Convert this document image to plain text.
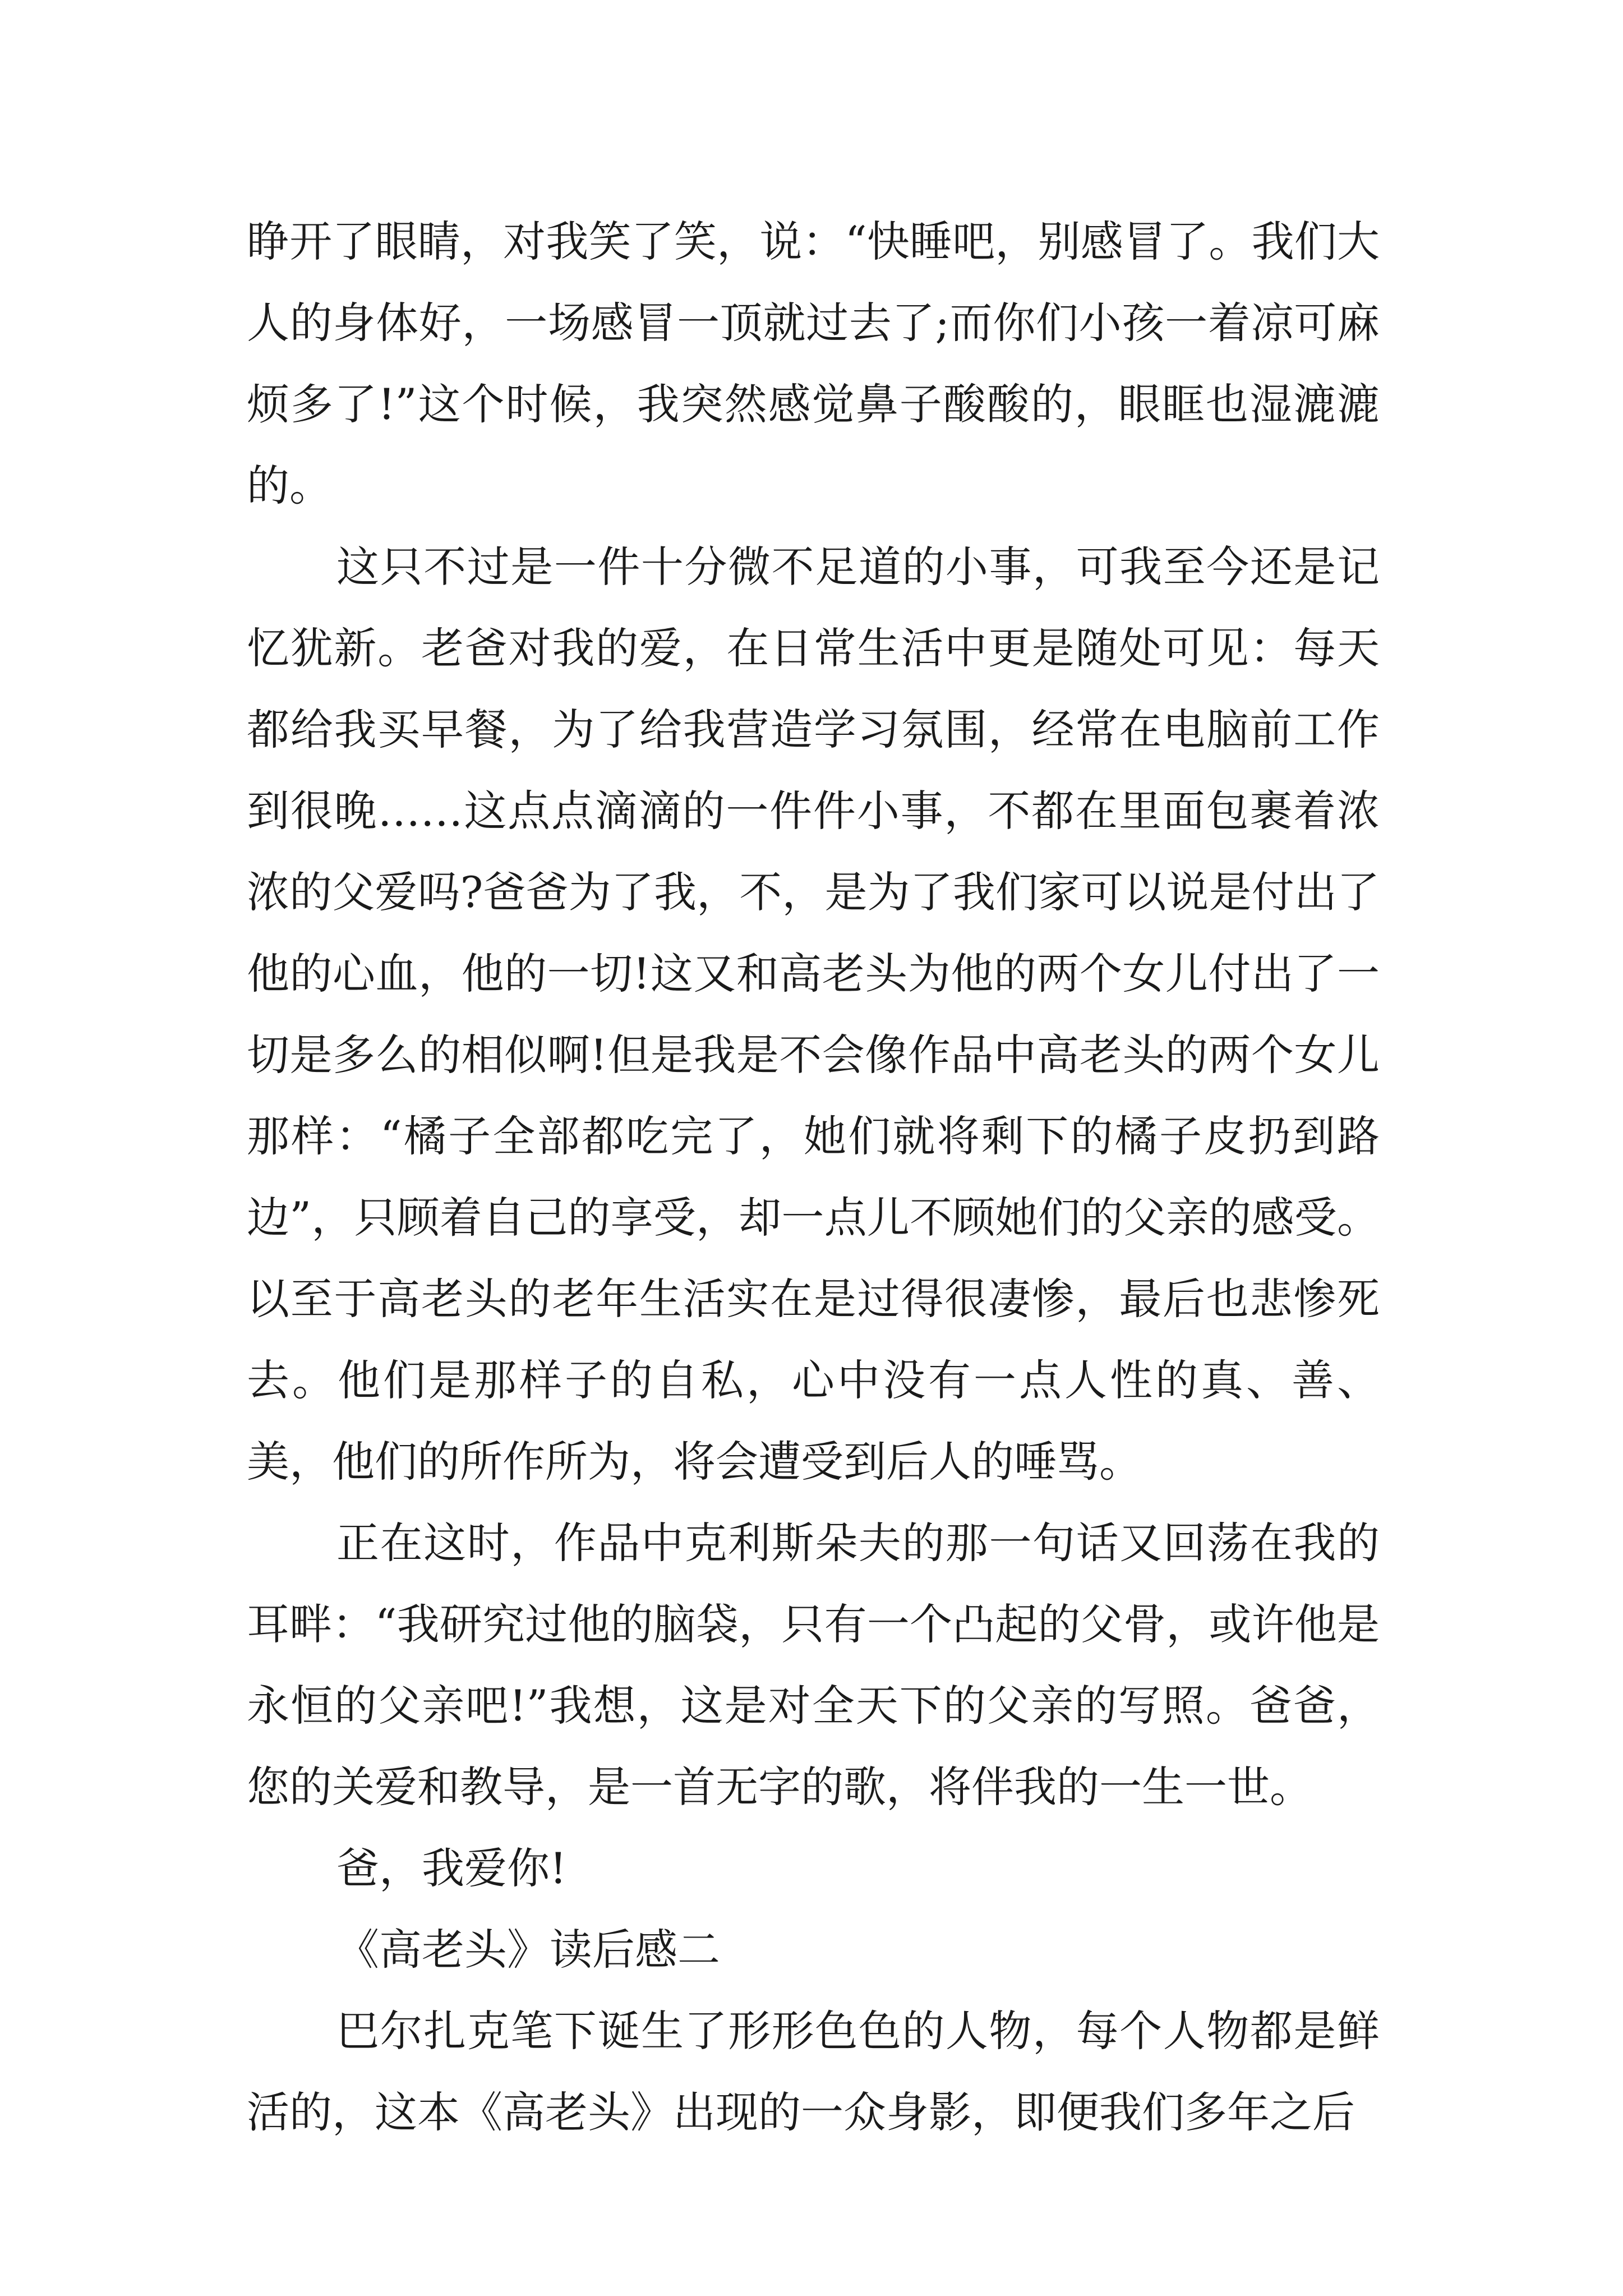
睁开了眼睛，对我笑了笑，说：“快睡吧，别感冒了。我们大人的身体好，一场感冒一顶就过去了;而你们小孩一着凉可麻烦多了!”这个时候，我突然感觉鼻子酸酸的，眼眶也湿漉漉的。

这只不过是一件十分微不足道的小事，可我至今还是记忆犹新。老爸对我的爱，在日常生活中更是随处可见：每天都给我买早餐，为了给我营造学习氛围，经常在电脑前工作到很晚……这点点滴滴的一件件小事，不都在里面包裹着浓浓的父爱吗?爸爸为了我，不，是为了我们家可以说是付出了他的心血，他的一切!这又和高老头为他的两个女儿付出了一切是多么的相似啊!但是我是不会像作品中高老头的两个女儿那样：“橘子全部都吃完了，她们就将剩下的橘子皮扔到路边”，只顾着自己的享受，却一点儿不顾她们的父亲的感受。以至于高老头的老年生活实在是过得很凄惨，最后也悲惨死去。他们是那样子的自私，心中没有一点人性的真、善、美，他们的所作所为，将会遭受到后人的唾骂。

正在这时，作品中克利斯朵夫的那一句话又回荡在我的耳畔：“我研究过他的脑袋，只有一个凸起的父骨，或许他是永恒的父亲吧!”我想，这是对全天下的父亲的写照。爸爸，您的关爱和教导，是一首无字的歌，将伴我的一生一世。

爸，我爱你!

《高老头》读后感二

巴尔扎克笔下诞生了形形色色的人物，每个人物都是鲜活的，这本《高老头》出现的一众身影，即便我们多年之后
